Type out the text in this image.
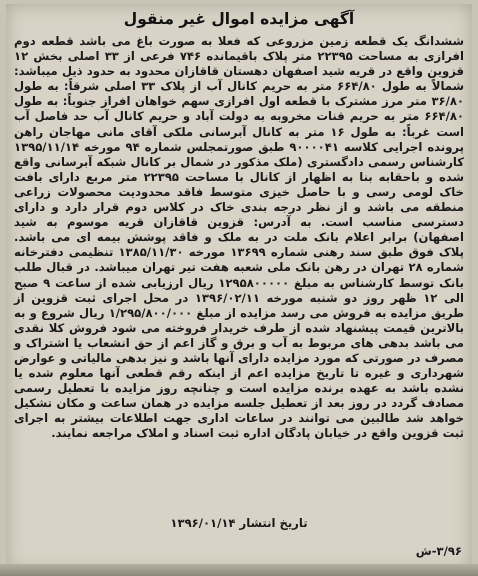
آگهی مزایده اموال غیر منقول
ششدانگ یک قطعه زمین مزروعی که فعلا به صورت باغ می باشد قطعه دوم افرازی به مساحت ۲۲۳۹۵ متر پلاک باقیمانده ۷۴۶ فرعی از ۳۳ اصلی بخش ۱۲ قزوین واقع در قریه شید اصفهان دهستان قاقازان محدود به حدود ذیل میباشد: شمالاً به طول ۶۶۴/۸۰ متر به حریم کانال آب از پلاک ۳۳ اصلی شرقاً: به طول ۳۶/۸۰ متر مرز مشترک با قطعه اول افرازی سهم خواهان افراز جنوباً: به طول ۶۶۴/۸۰ متر به حریم قنات مخروبه به دولت آباد و حریم کانال آب حد فاصل آب است غرباً: به طول ۱۶ متر به کانال آبرسانی ملکی آقای مانی مهاجان راهن پرونده اجرایی کلاسه ۹۰۰۰۰۴۱ طبق صورتمجلس شماره ۹۴ مورخه ۱۳۹۵/۱۱/۱۴ کارشناس رسمی دادگستری (ملک مذکور در شمال بر کانال شبکه آبرسانی واقع شده و باحقابه بنا به اظهار از کانال با مساحت ۲۲۳۹۵ متر مربع دارای بافت خاک لومی رسی و با حاصل خیزی متوسط فاقد محدودیت محصولات زراعی منطقه می باشد و از نظر درجه بندی خاک در کلاس دوم قرار دارد و دارای دسترسی مناسب است. به آدرس: قزوین قاقازان قریه موسوم به شید اصفهان) برابر اعلام بانک ملت در به ملک و فاقد پوشش بیمه ای می باشد. پلاک فوق طبق سند رهنی شماره ۱۳۶۹۹ مورخه ۱۳۸۵/۱۱/۳۰ تنظیمی دفترخانه شماره ۲۸ تهران در رهن بانک ملی شعبه هفت تیر تهران میباشد. در قبال طلب بانک توسط کارشناس به مبلغ ۱۲۹۵۸۰۰۰۰۰ ریال ارزیابی شده از ساعت ۹ صبح الی ۱۲ ظهر روز دو شنبه مورخه ۱۳۹۶/۰۲/۱۱ در محل اجرای ثبت قزوین از طریق مزایده به فروش می رسد مزایده از مبلغ ۱/۲۹۵/۸۰۰/۰۰۰ ریال شروع و به بالاترین قیمت پیشنهاد شده از طرف خریدار فروخته می شود فروش کلا نقدی می باشد بدهی های مربوط به آب و برق و گاز اعم از حق انشعاب یا اشتراک و مصرف در صورتی که مورد مزایده دارای آنها باشد و نیز بدهی مالیاتی و عوارض شهرداری و غیره تا تاریخ مزایده اعم از اینکه رقم قطعی آنها معلوم شده یا نشده باشد به عهده برنده مزایده است و چنانچه روز مزایده با تعطیل رسمی مصادف گردد در روز بعد از تعطیل جلسه مزایده در همان ساعت و مکان تشکیل خواهد شد طالبین می توانند در ساعات اداری جهت اطلاعات بیشتر به اجرای ثبت قزوین واقع در خیابان پادگان اداره ثبت اسناد و املاک مراجعه نمایند.
تاریخ انتشار ۱۳۹۶/۰۱/۱۴
۳/۹۶-ش
